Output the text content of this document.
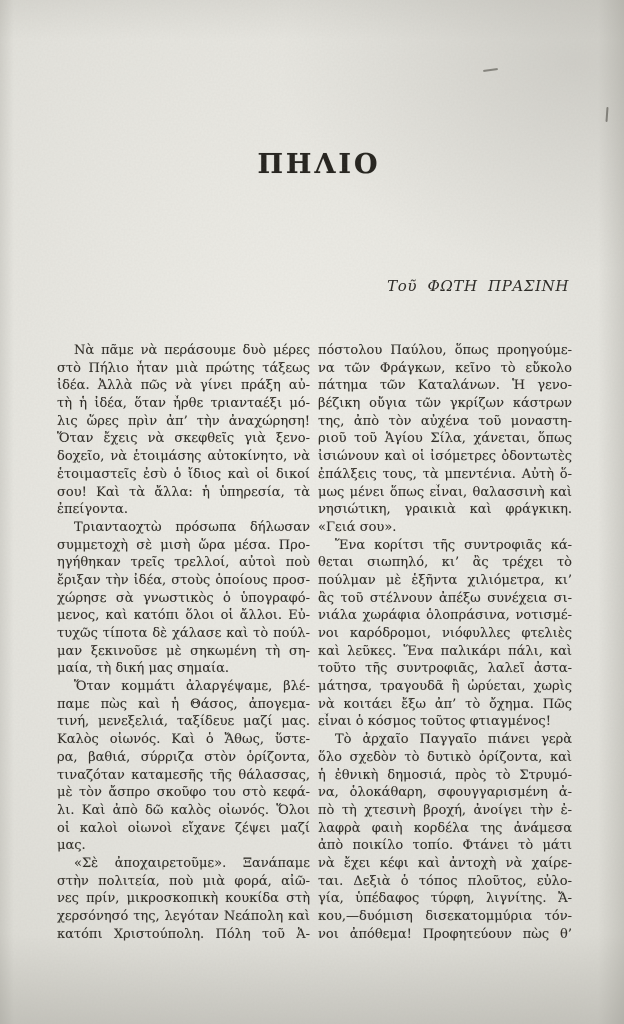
ΠΗΛΙΟ
Τοῦ ΦΩΤΗ ΠΡΑΣΙΝΗ
Νὰ πᾶμε νὰ περάσουμε δυὸ μέρες
στὸ Πήλιο ἦταν μιὰ πρώτης τάξεως
ἰδέα. Ἀλλὰ πῶς νὰ γίνει πράξη αὐ-
τὴ ἡ ἰδέα, ὅταν ἦρθε τριανταέξι μό-
λις ὥρες πρὶν ἀπ’ τὴν ἀναχώρηση!
Ὅταν ἔχεις νὰ σκεφθεῖς γιὰ ξενο-
δοχεῖο, νὰ ἑτοιμάσης αὐτοκίνητο, νὰ
ἑτοιμαστεῖς ἐσὺ ὁ ἴδιος καὶ οἱ δικοί
σου! Καὶ τὰ ἄλλα: ἡ ὑπηρεσία, τὰ
ἐπείγοντα.
Τριανταοχτὼ πρόσωπα δήλωσαν
συμμετοχὴ σὲ μισὴ ὥρα μέσα. Προ-
ηγήθηκαν τρεῖς τρελλοί, αὐτοὶ ποὺ
ἔριξαν τὴν ἰδέα, στοὺς ὁποίους προσ-
χώρησε σὰ γνωστικὸς ὁ ὑπογραφό-
μενος, καὶ κατόπι ὅλοι οἱ ἄλλοι. Εὐ-
τυχῶς τίποτα δὲ χάλασε καὶ τὸ πούλ-
μαν ξεκινοῦσε μὲ σηκωμένη τὴ ση-
μαία, τὴ δική μας σημαία.
Ὅταν κομμάτι ἀλαργέψαμε, βλέ-
παμε πὼς καὶ ἡ Θάσος, ἀπογεμα-
τινή, μενεξελιά, ταξίδευε μαζί μας.
Καλὸς οἰωνός. Καὶ ὁ Ἄθως, ὕστε-
ρα, βαθιά, σύρριζα στὸν ὁρίζοντα,
τιναζόταν καταμεσῆς τῆς θάλασσας,
μὲ τὸν ἄσπρο σκοῦφο του στὸ κεφά-
λι. Καὶ ἀπὸ δῶ καλὸς οἰωνός. Ὅλοι
οἱ καλοὶ οἰωνοὶ εἴχανε ζέψει μαζί
μας.
«Σὲ ἀποχαιρετοῦμε». Ξανάπαμε
στὴν πολιτεία, ποὺ μιὰ φορά, αἰῶ-
νες πρίν, μικροσκοπικὴ κουκίδα στὴ
χερσόνησό της, λεγόταν Νεάπολη καὶ
κατόπι Χριστούπολη. Πόλη τοῦ Ἀ-
πόστολου Παύλου, ὅπως προηγούμε-
να τῶν Φράγκων, κεῖνο τὸ εὔκολο
πάτημα τῶν Καταλάνων. Ἡ γενο-
βέζικη οὔγια τῶν γκρίζων κάστρων
της, ἀπὸ τὸν αὐχένα τοῦ μοναστη-
ριοῦ τοῦ Ἁγίου Σίλα, χάνεται, ὅπως
ἰσιώνουν καὶ οἱ ἰσόμετρες ὀδοντωτὲς
ἐπάλξεις τους, τὰ μπεντένια. Αὐτὴ ὅ-
μως μένει ὅπως εἶναι, θαλασσινὴ καὶ
νησιώτικη, γραικιὰ καὶ φράγκικη.
«Γειά σου».
Ἕνα κορίτσι τῆς συντροφιᾶς κά-
θεται σιωπηλό, κι’ ἂς τρέχει τὸ
πούλμαν μὲ ἑξῆντα χιλιόμετρα, κι’
ἂς τοῦ στέλνουν ἀπέξω συνέχεια σι-
νιάλα χωράφια ὁλοπράσινα, νοτισμέ-
νοι καρόδρομοι, νιόφυλλες φτελιὲς
καὶ λεῦκες. Ἕνα παλικάρι πάλι, καὶ
τοῦτο τῆς συντροφιᾶς, λαλεῖ ἀστα-
μάτησα, τραγουδᾶ ἢ ὠρύεται, χωρὶς
νὰ κοιτάει ἔξω ἀπ’ τὸ ὄχημα. Πῶς
εἶναι ὁ κόσμος τοῦτος φτιαγμένος!
Τὸ ἀρχαῖο Παγγαῖο πιάνει γερὰ
ὅλο σχεδὸν τὸ δυτικὸ ὁρίζοντα, καὶ
ἡ ἐθνικὴ δημοσιά, πρὸς τὸ Στρυμό-
να, ὁλοκάθαρη, σφουγγαρισμένη ἀ-
πὸ τὴ χτεσινὴ βροχή, ἀνοίγει τὴν ἐ-
λαφρὰ φαιὴ κορδέλα της ἀνάμεσα
ἀπὸ ποικίλο τοπίο. Φτάνει τὸ μάτι
νὰ ἔχει κέφι καὶ ἀντοχὴ νὰ χαίρε-
ται. Δεξιὰ ὁ τόπος πλοῦτος, εὐλο-
γία, ὑπέδαφος τύρφη, λιγνίτης. Ἄ-
κου,—δυόμιση δισεκατομμύρια τόν-
νοι ἀπόθεμα! Προφητεύουν πὼς θ’
